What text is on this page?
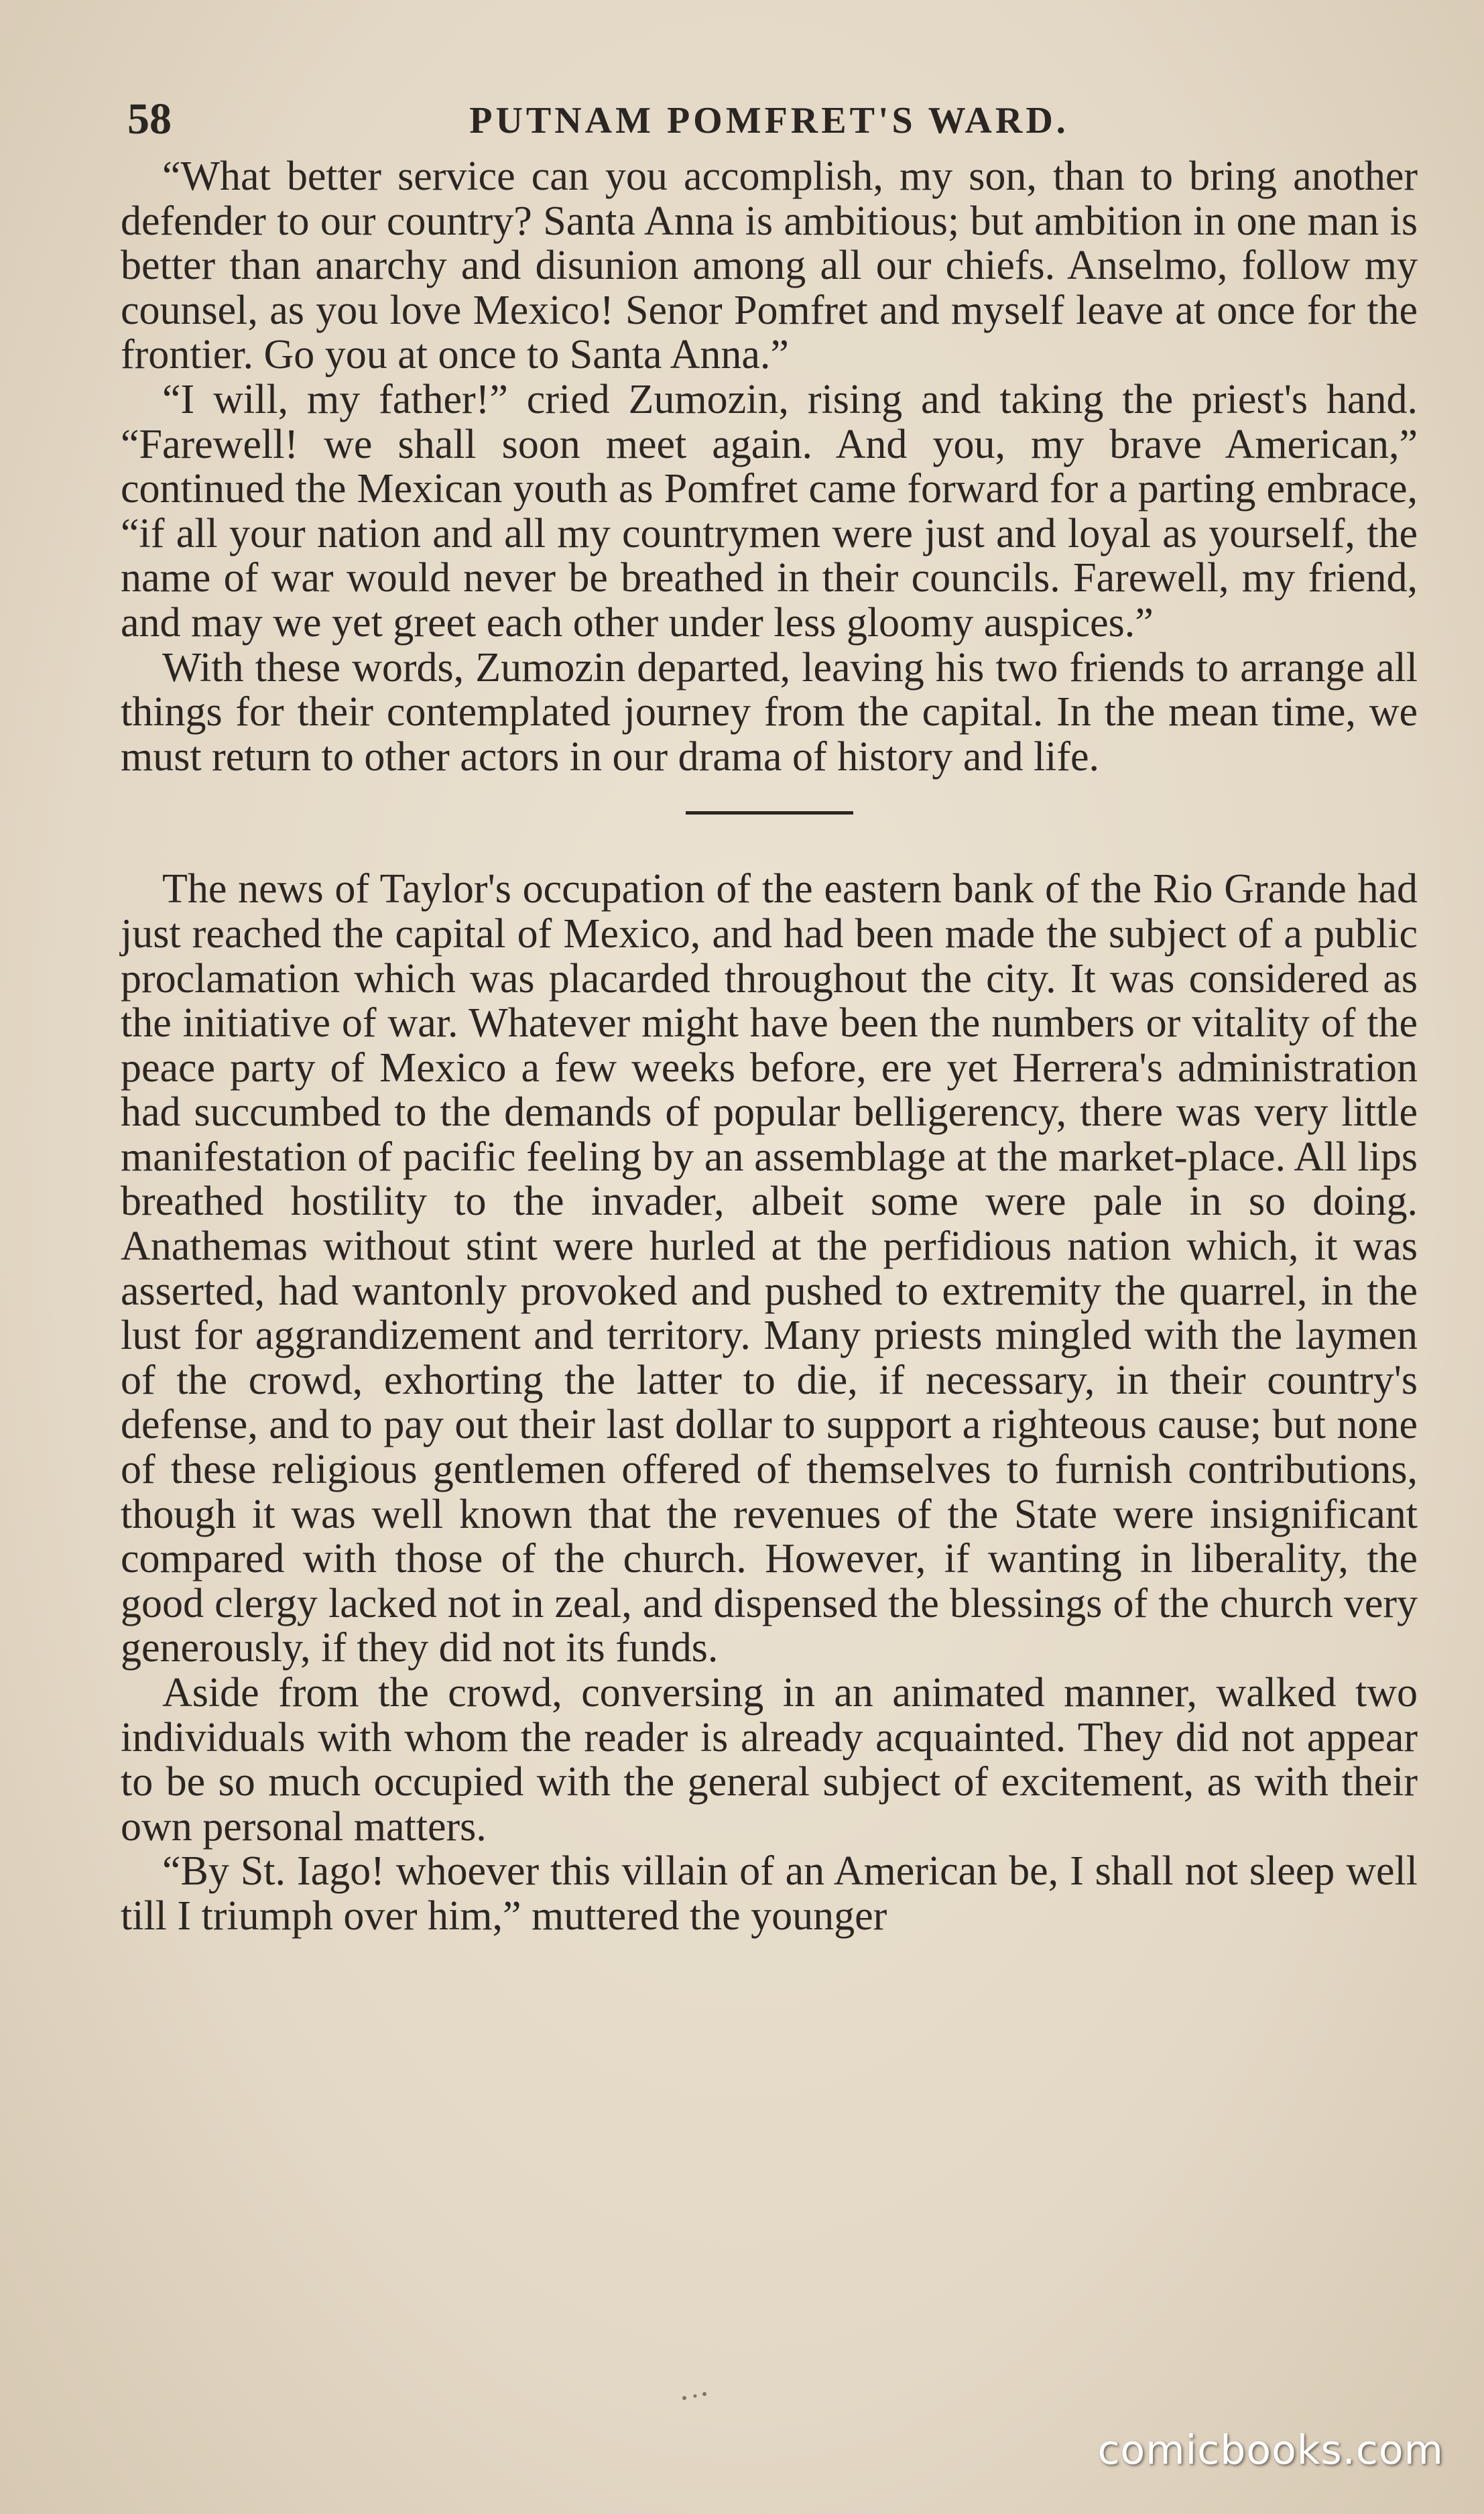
58	PUTNAM POMFRET'S WARD.

“What better service can you accomplish, my son, than to bring another defender to our country? Santa Anna is ambitious; but ambition in one man is better than anarchy and disunion among all our chiefs. Anselmo, follow my counsel, as you love Mexico! Senor Pomfret and myself leave at once for the frontier. Go you at once to Santa Anna.”

“I will, my father!” cried Zumozin, rising and taking the priest's hand. “Farewell! we shall soon meet again. And you, my brave American,” continued the Mexican youth as Pomfret came forward for a parting embrace, “if all your nation and all my countrymen were just and loyal as yourself, the name of war would never be breathed in their councils. Farewell, my friend, and may we yet greet each other under less gloomy auspices.”

With these words, Zumozin departed, leaving his two friends to arrange all things for their contemplated journey from the capital. In the mean time, we must return to other actors in our drama of history and life.

The news of Taylor's occupation of the eastern bank of the Rio Grande had just reached the capital of Mexico, and had been made the subject of a public proclamation which was placarded throughout the city. It was considered as the initiative of war. Whatever might have been the numbers or vitality of the peace party of Mexico a few weeks before, ere yet Herrera's administration had succumbed to the demands of popular belligerency, there was very little manifestation of pacific feeling by an assemblage at the market-place. All lips breathed hostility to the invader, albeit some were pale in so doing. Anathemas without stint were hurled at the perfidious nation which, it was asserted, had wantonly provoked and pushed to extremity the quarrel, in the lust for aggrandizement and territory. Many priests mingled with the laymen of the crowd, exhorting the latter to die, if necessary, in their country's defense, and to pay out their last dollar to support a righteous cause; but none of these religious gentlemen offered of themselves to furnish contributions, though it was well known that the revenues of the State were insignificant compared with those of the church. However, if wanting in liberality, the good clergy lacked not in zeal, and dispensed the blessings of the church very generously, if they did not its funds.

Aside from the crowd, conversing in an animated manner, walked two individuals with whom the reader is already acquainted. They did not appear to be so much occupied with the general subject of excitement, as with their own personal matters.

“By St. Iago! whoever this villain of an American be, I shall not sleep well till I triumph over him,” muttered the younger

comicbooks.com
